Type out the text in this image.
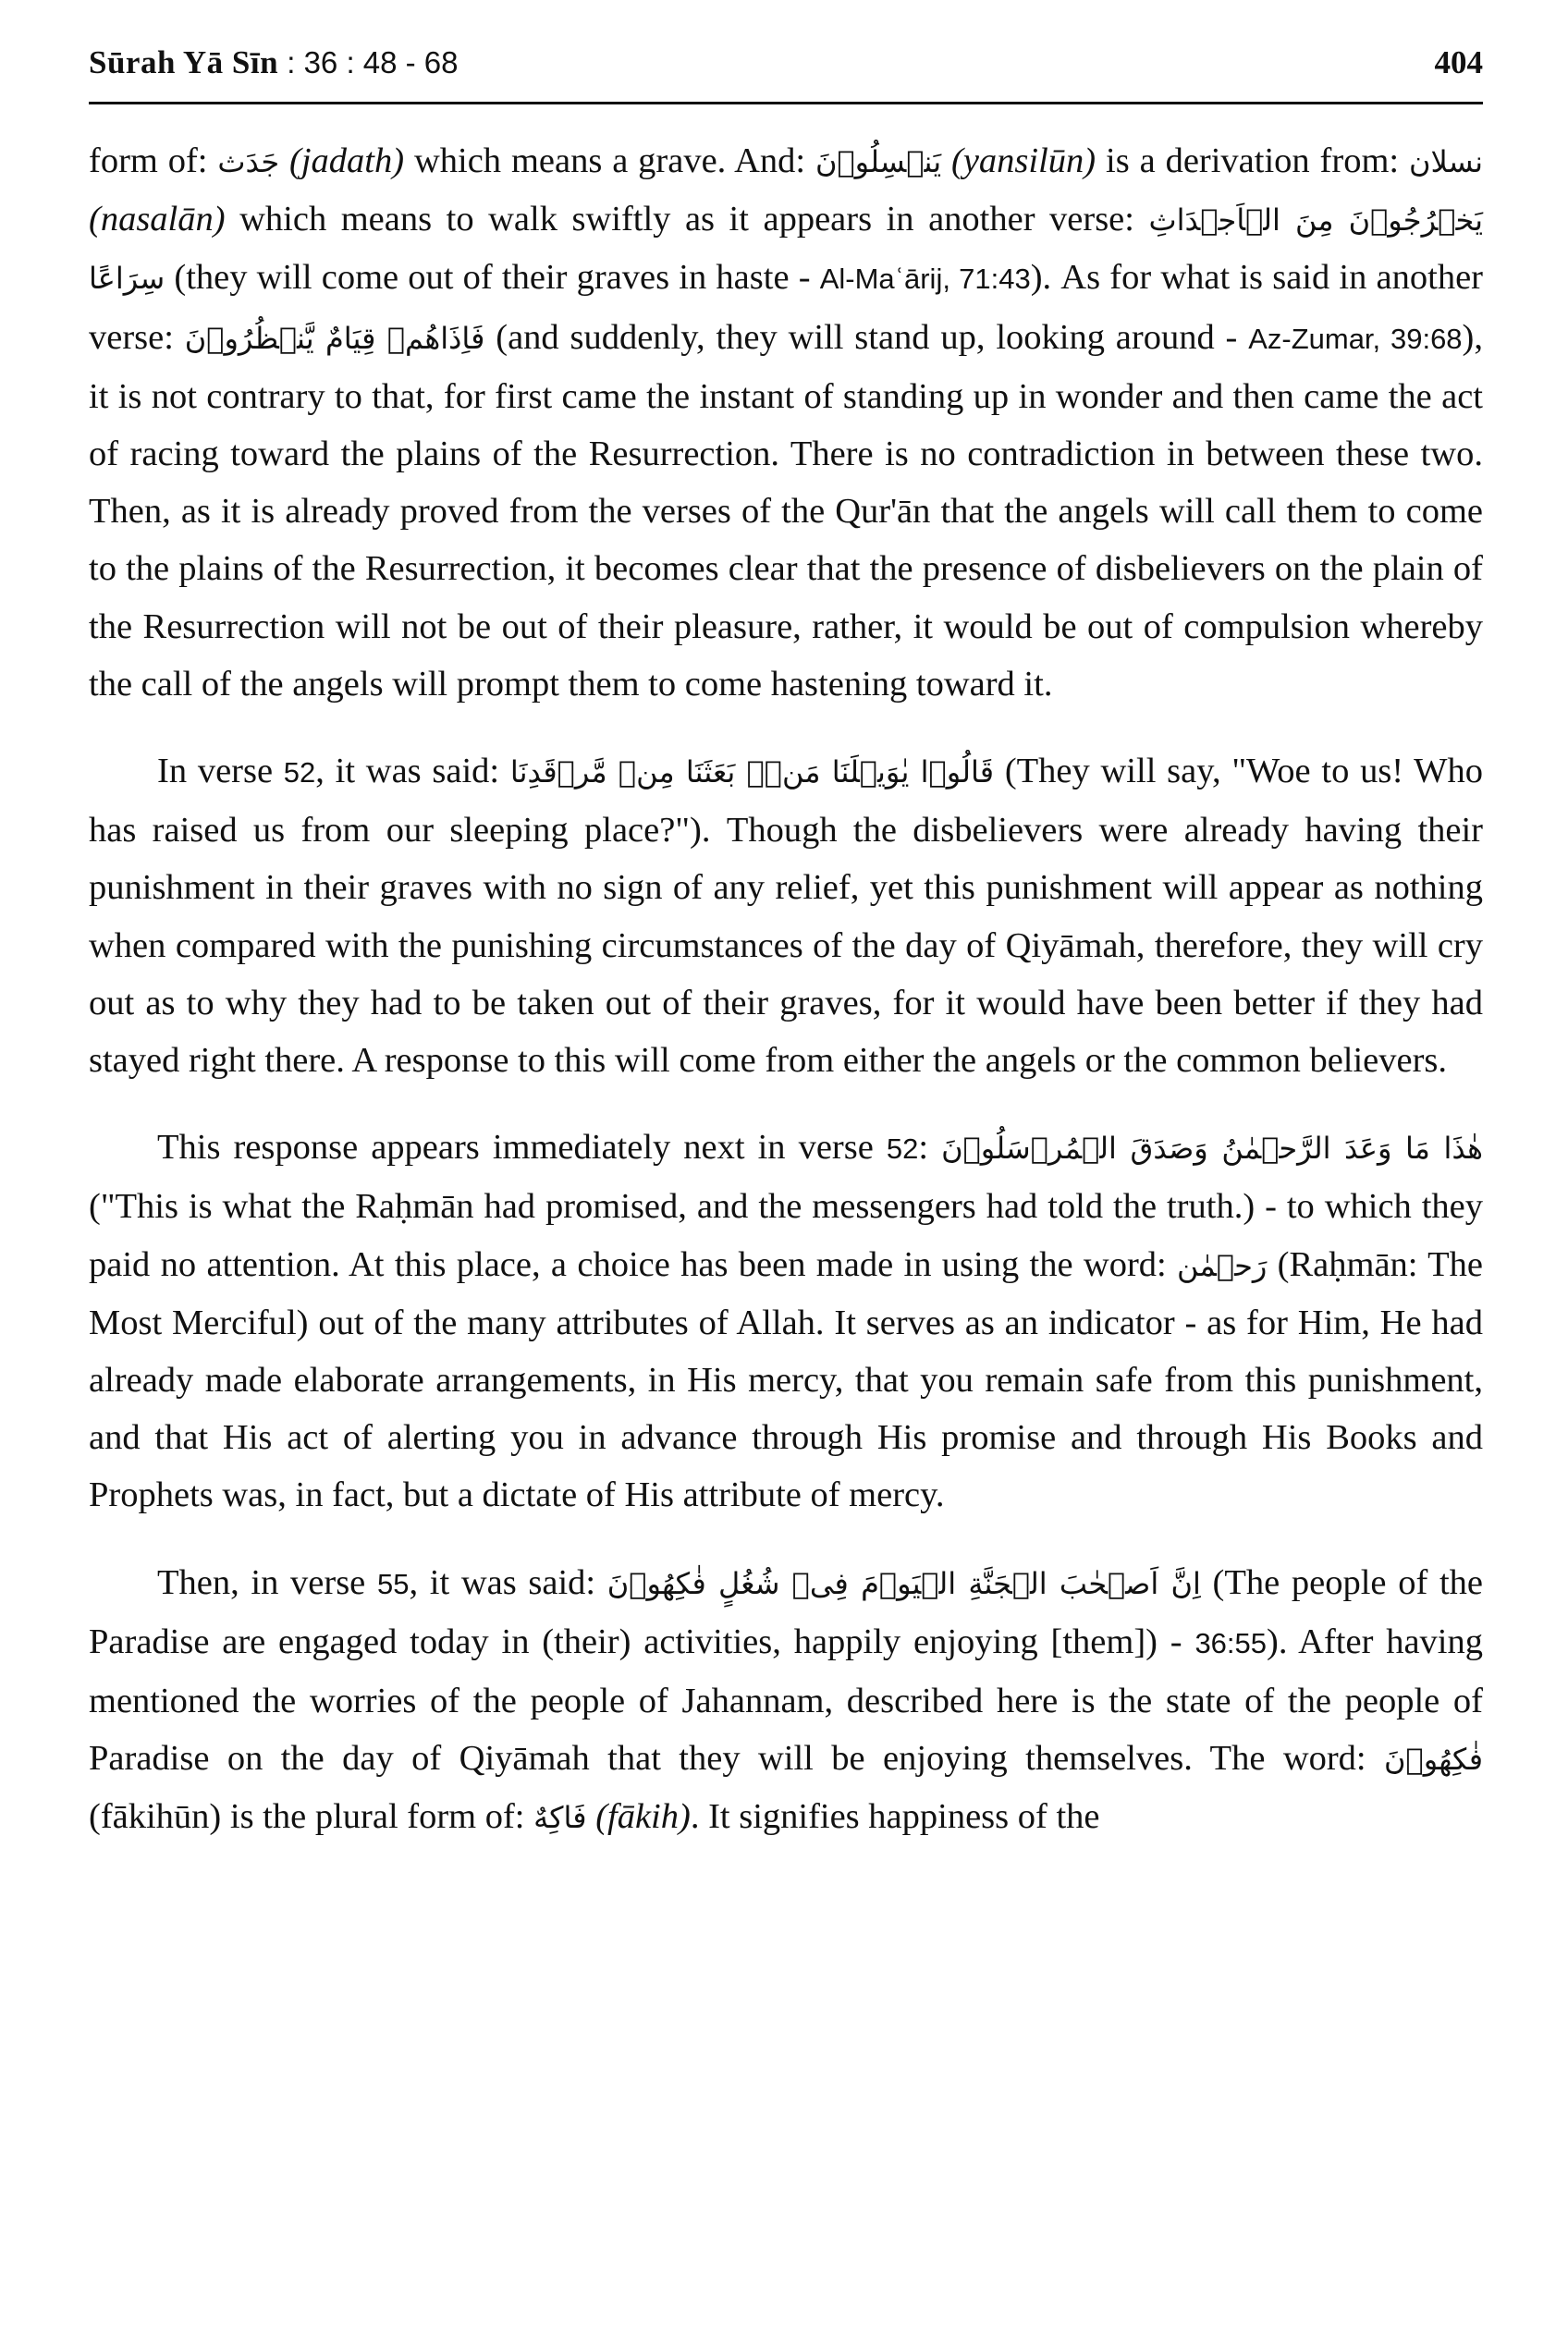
Sūrah Yā Sīn : 36 : 48 - 68	404

form of: جَدَث (jadath) which means a grave. And: يَنۡسِلُوۡنَ (yansilūn) is a derivation from: نسلان (nasalān) which means to walk swiftly as it appears in another verse: يَخۡرُجُوۡنَ مِنَ الۡاَجۡدَاثِ سِرَاعًا (they will come out of their graves in haste - Al-Maʿārij, 71:43). As for what is said in another verse: فَاِذَاهُمۡ قِيَامٌ يَّنۡظُرُوۡنَ (and suddenly, they will stand up, looking around - Az-Zumar, 39:68), it is not contrary to that, for first came the instant of standing up in wonder and then came the act of racing toward the plains of the Resurrection. There is no contradiction in between these two. Then, as it is already proved from the verses of the Qur'ān that the angels will call them to come to the plains of the Resurrection, it becomes clear that the presence of disbelievers on the plain of the Resurrection will not be out of their pleasure, rather, it would be out of compulsion whereby the call of the angels will prompt them to come hastening toward it.

In verse 52, it was said: قَالُوۡا يٰوَيۡلَنَا مَنۡۢ بَعَثَنَا مِنۡ مَّرۡقَدِنَا (They will say, "Woe to us! Who has raised us from our sleeping place?"). Though the disbelievers were already having their punishment in their graves with no sign of any relief, yet this punishment will appear as nothing when compared with the punishing circumstances of the day of Qiyāmah, therefore, they will cry out as to why they had to be taken out of their graves, for it would have been better if they had stayed right there. A response to this will come from either the angels or the common believers.

This response appears immediately next in verse 52: هٰذَا مَا وَعَدَ الرَّحۡمٰنُ وَصَدَقَ الۡمُرۡسَلُوۡنَ ("This is what the Raḥmān had promised, and the messengers had told the truth.) - to which they paid no attention. At this place, a choice has been made in using the word: رَحۡمٰن (Raḥmān: The Most Merciful) out of the many attributes of Allah. It serves as an indicator - as for Him, He had already made elaborate arrangements, in His mercy, that you remain safe from this punishment, and that His act of alerting you in advance through His promise and through His Books and Prophets was, in fact, but a dictate of His attribute of mercy.

Then, in verse 55, it was said: اِنَّ اَصۡحٰبَ الۡجَنَّةِ الۡيَوۡمَ فِىۡ شُغُلٍ فٰكِهُوۡنَ (The people of the Paradise are engaged today in (their) activities, happily enjoying [them]) - 36:55). After having mentioned the worries of the people of Jahannam, described here is the state of the people of Paradise on the day of Qiyāmah that they will be enjoying themselves. The word: فٰكِهُوۡنَ (fākihūn) is the plural form of: فَاكِهٌ (fākih). It signifies happiness of the
